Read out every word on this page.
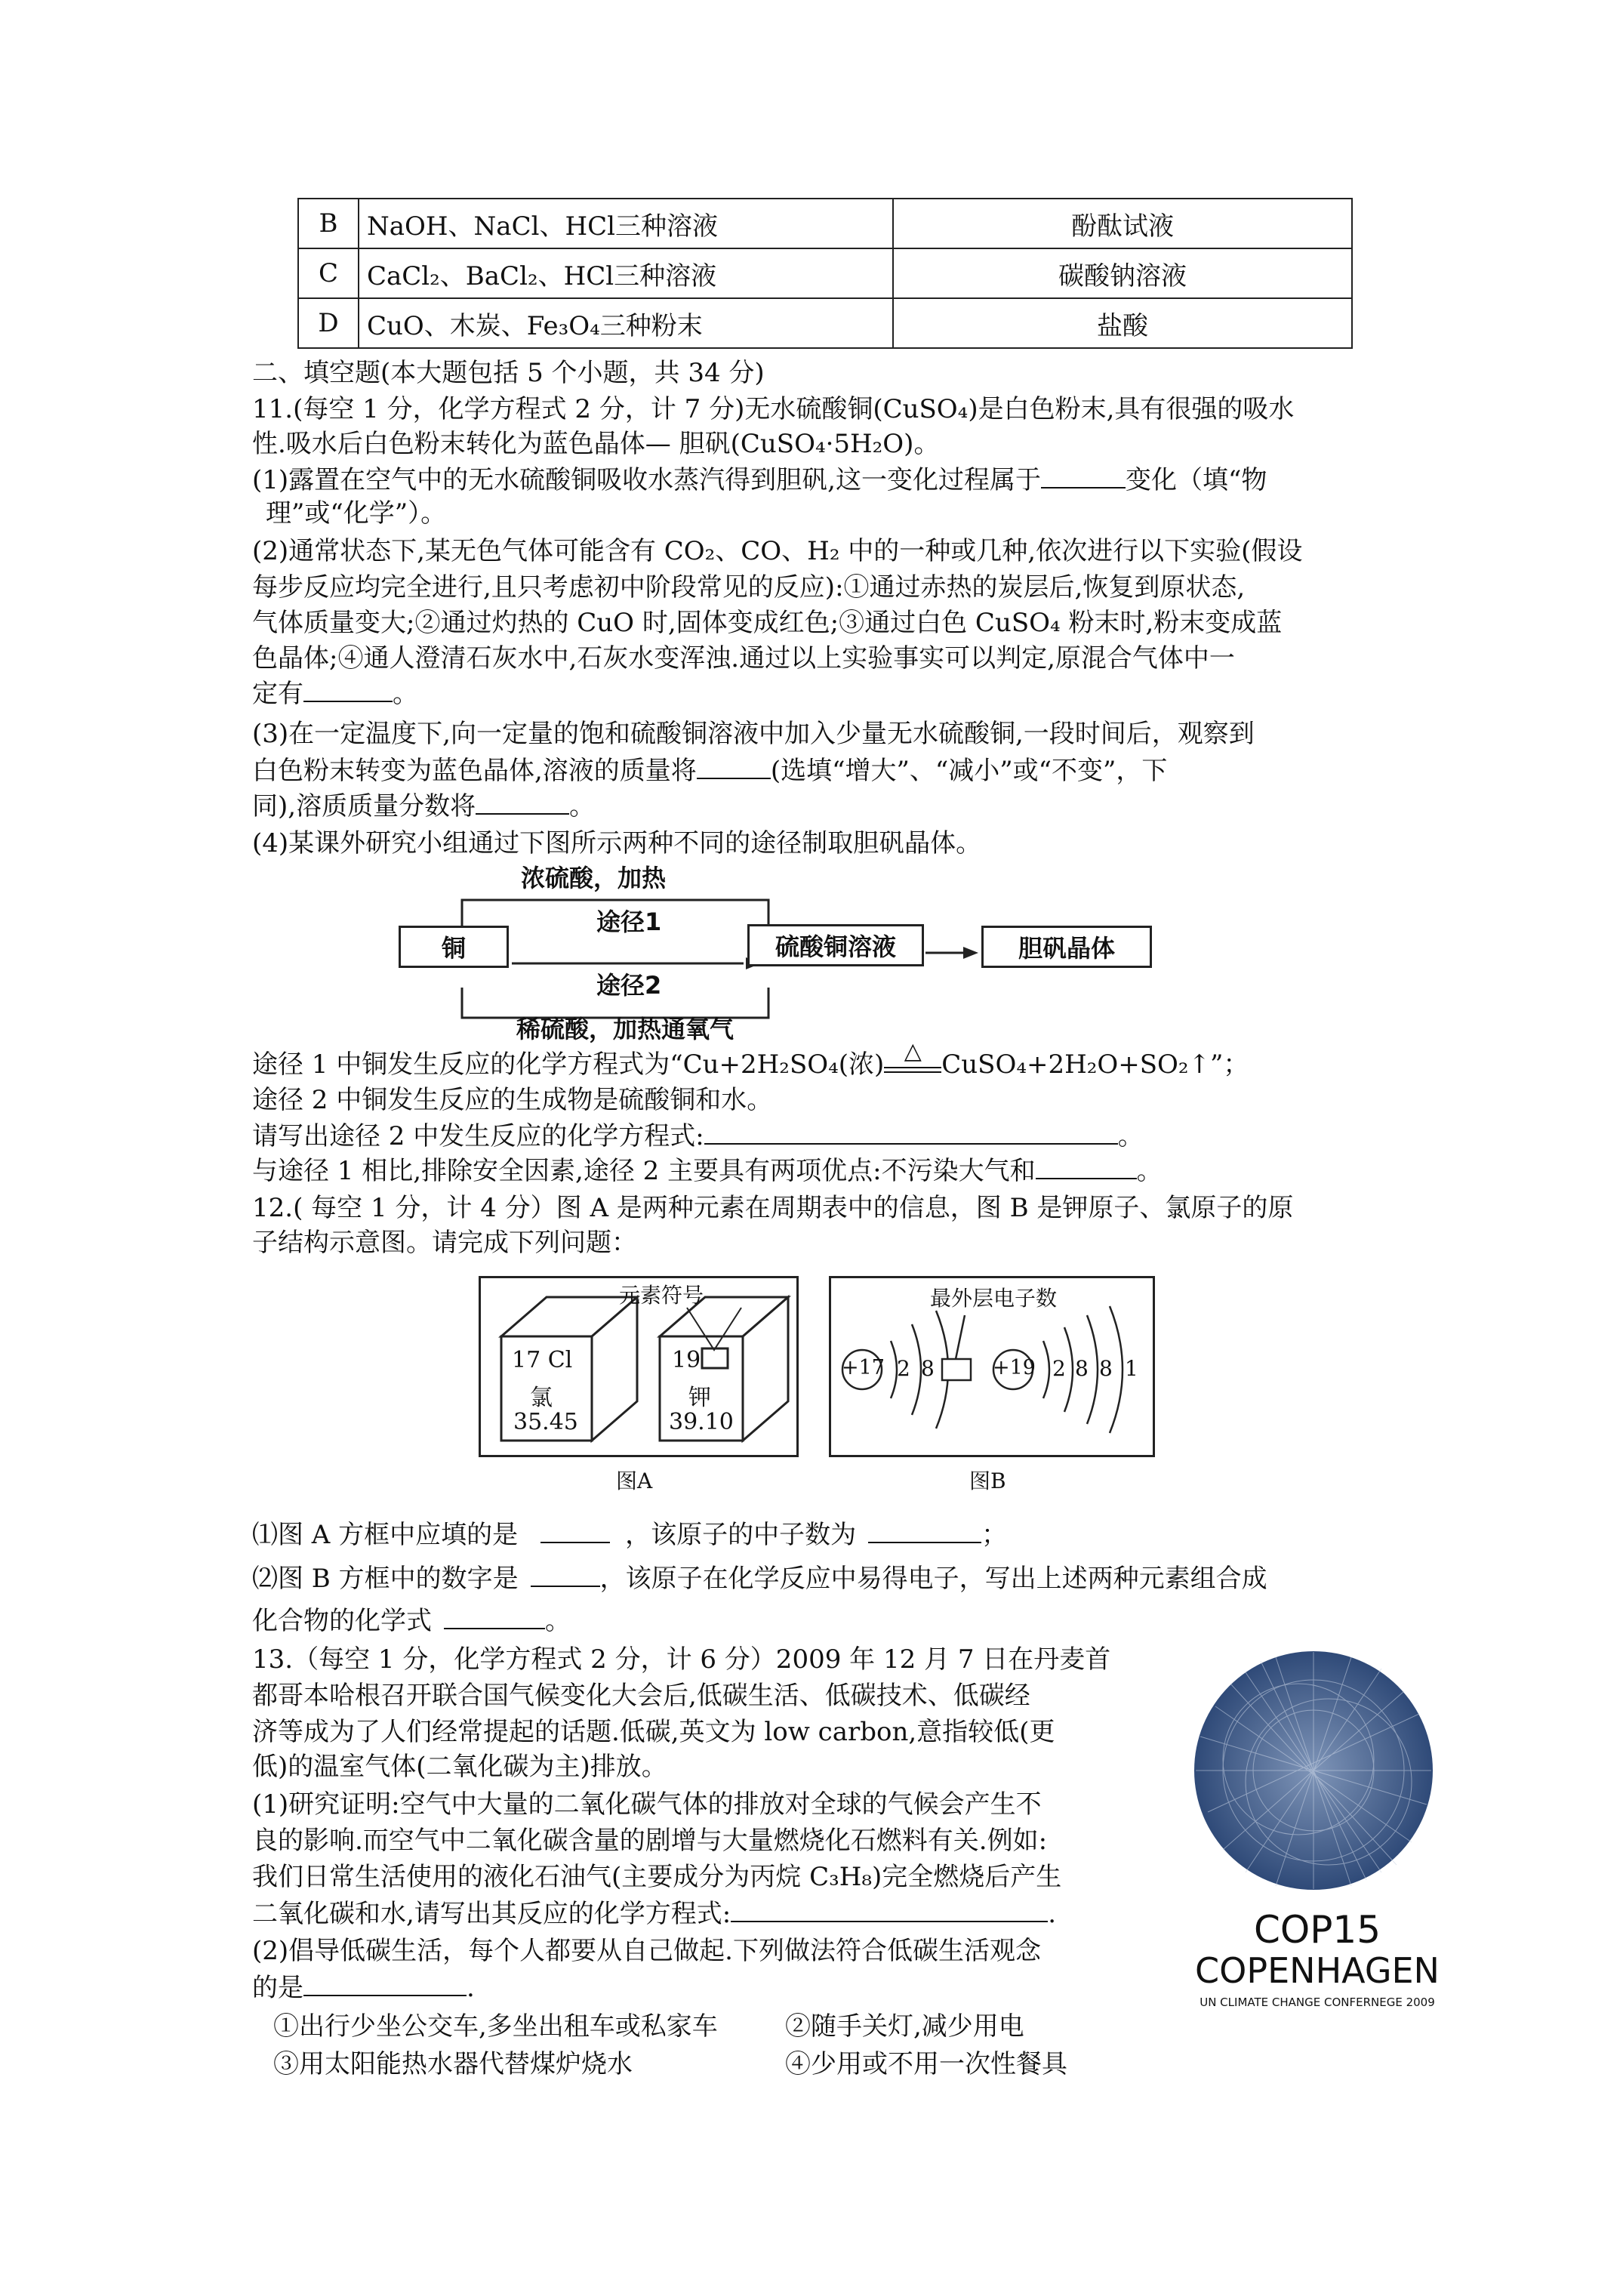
B	NaOH、NaCl、HCl三种溶液	酚酞试液
C	CaCl₂、BaCl₂、HCl三种溶液	碳酸钠溶液
D	CuO、木炭、Fe₃O₄三种粉末	盐酸
二、填空题(本大题包括 5 个小题，共 34 分)
11.(每空 1 分，化学方程式 2 分，计 7 分)无水硫酸铜(CuSO₄)是白色粉末,具有很强的吸水
性.吸水后白色粉末转化为蓝色晶体— 胆矾(CuSO₄·5H₂O)。
(1)露置在空气中的无水硫酸铜吸收水蒸汽得到胆矾,这一变化过程属于	变化（填“物
理”或“化学”）。
(2)通常状态下,某无色气体可能含有 CO₂、CO、H₂ 中的一种或几种,依次进行以下实验(假设
每步反应均完全进行,且只考虑初中阶段常见的反应):①通过赤热的炭层后,恢复到原状态,
气体质量变大;②通过灼热的 CuO 时,固体变成红色;③通过白色 CuSO₄ 粉末时,粉末变成蓝
色晶体;④通人澄清石灰水中,石灰水变浑浊.通过以上实验事实可以判定,原混合气体中一
定有	。
(3)在一定温度下,向一定量的饱和硫酸铜溶液中加入少量无水硫酸铜,一段时间后，观察到
白色粉末转变为蓝色晶体,溶液的质量将	(选填“增大”、“减小”或“不变”，下
同),溶质质量分数将	。
(4)某课外研究小组通过下图所示两种不同的途径制取胆矾晶体。
浓硫酸，加热
途径1
途径2
稀硫酸，加热通氧气
铜	硫酸铜溶液	胆矾晶体
途径 1 中铜发生反应的化学方程式为“Cu+2H₂SO₄(浓) △ CuSO₄+2H₂O+SO₂↑”；
途径 2 中铜发生反应的生成物是硫酸铜和水。
请写出途径 2 中发生反应的化学方程式:	。
与途径 1 相比,排除安全因素,途径 2 主要具有两项优点:不污染大气和	。
12.( 每空 1 分，计 4 分）图 A 是两种元素在周期表中的信息，图 B 是钾原子、氯原子的原
子结构示意图。请完成下列问题：
元素符号
17 Cl
氯
35.45
19
钾
39.10
图A
最外层电子数
+17 2 8	+19 2 8 8 1
图B
⑴图 A 方框中应填的是	，该原子的中子数为	；
⑵图 B 方框中的数字是	，该原子在化学反应中易得电子，写出上述两种元素组合成
化合物的化学式	。
13.（每空 1 分，化学方程式 2 分，计 6 分）2009 年 12 月 7 日在丹麦首
都哥本哈根召开联合国气候变化大会后,低碳生活、低碳技术、低碳经
济等成为了人们经常提起的话题.低碳,英文为 low carbon,意指较低(更
低)的温室气体(二氧化碳为主)排放。
(1)研究证明:空气中大量的二氧化碳气体的排放对全球的气候会产生不
良的影响.而空气中二氧化碳含量的剧增与大量燃烧化石燃料有关.例如:
我们日常生活使用的液化石油气(主要成分为丙烷 C₃H₈)完全燃烧后产生
二氧化碳和水,请写出其反应的化学方程式:	.
(2)倡导低碳生活，每个人都要从自己做起.下列做法符合低碳生活观念
的是	.
①出行少坐公交车,多坐出租车或私家车	②随手关灯,减少用电
③用太阳能热水器代替煤炉烧水	④少用或不用一次性餐具
COP15
COPENHAGEN
UN CLIMATE CHANGE CONFERNEGE 2009
